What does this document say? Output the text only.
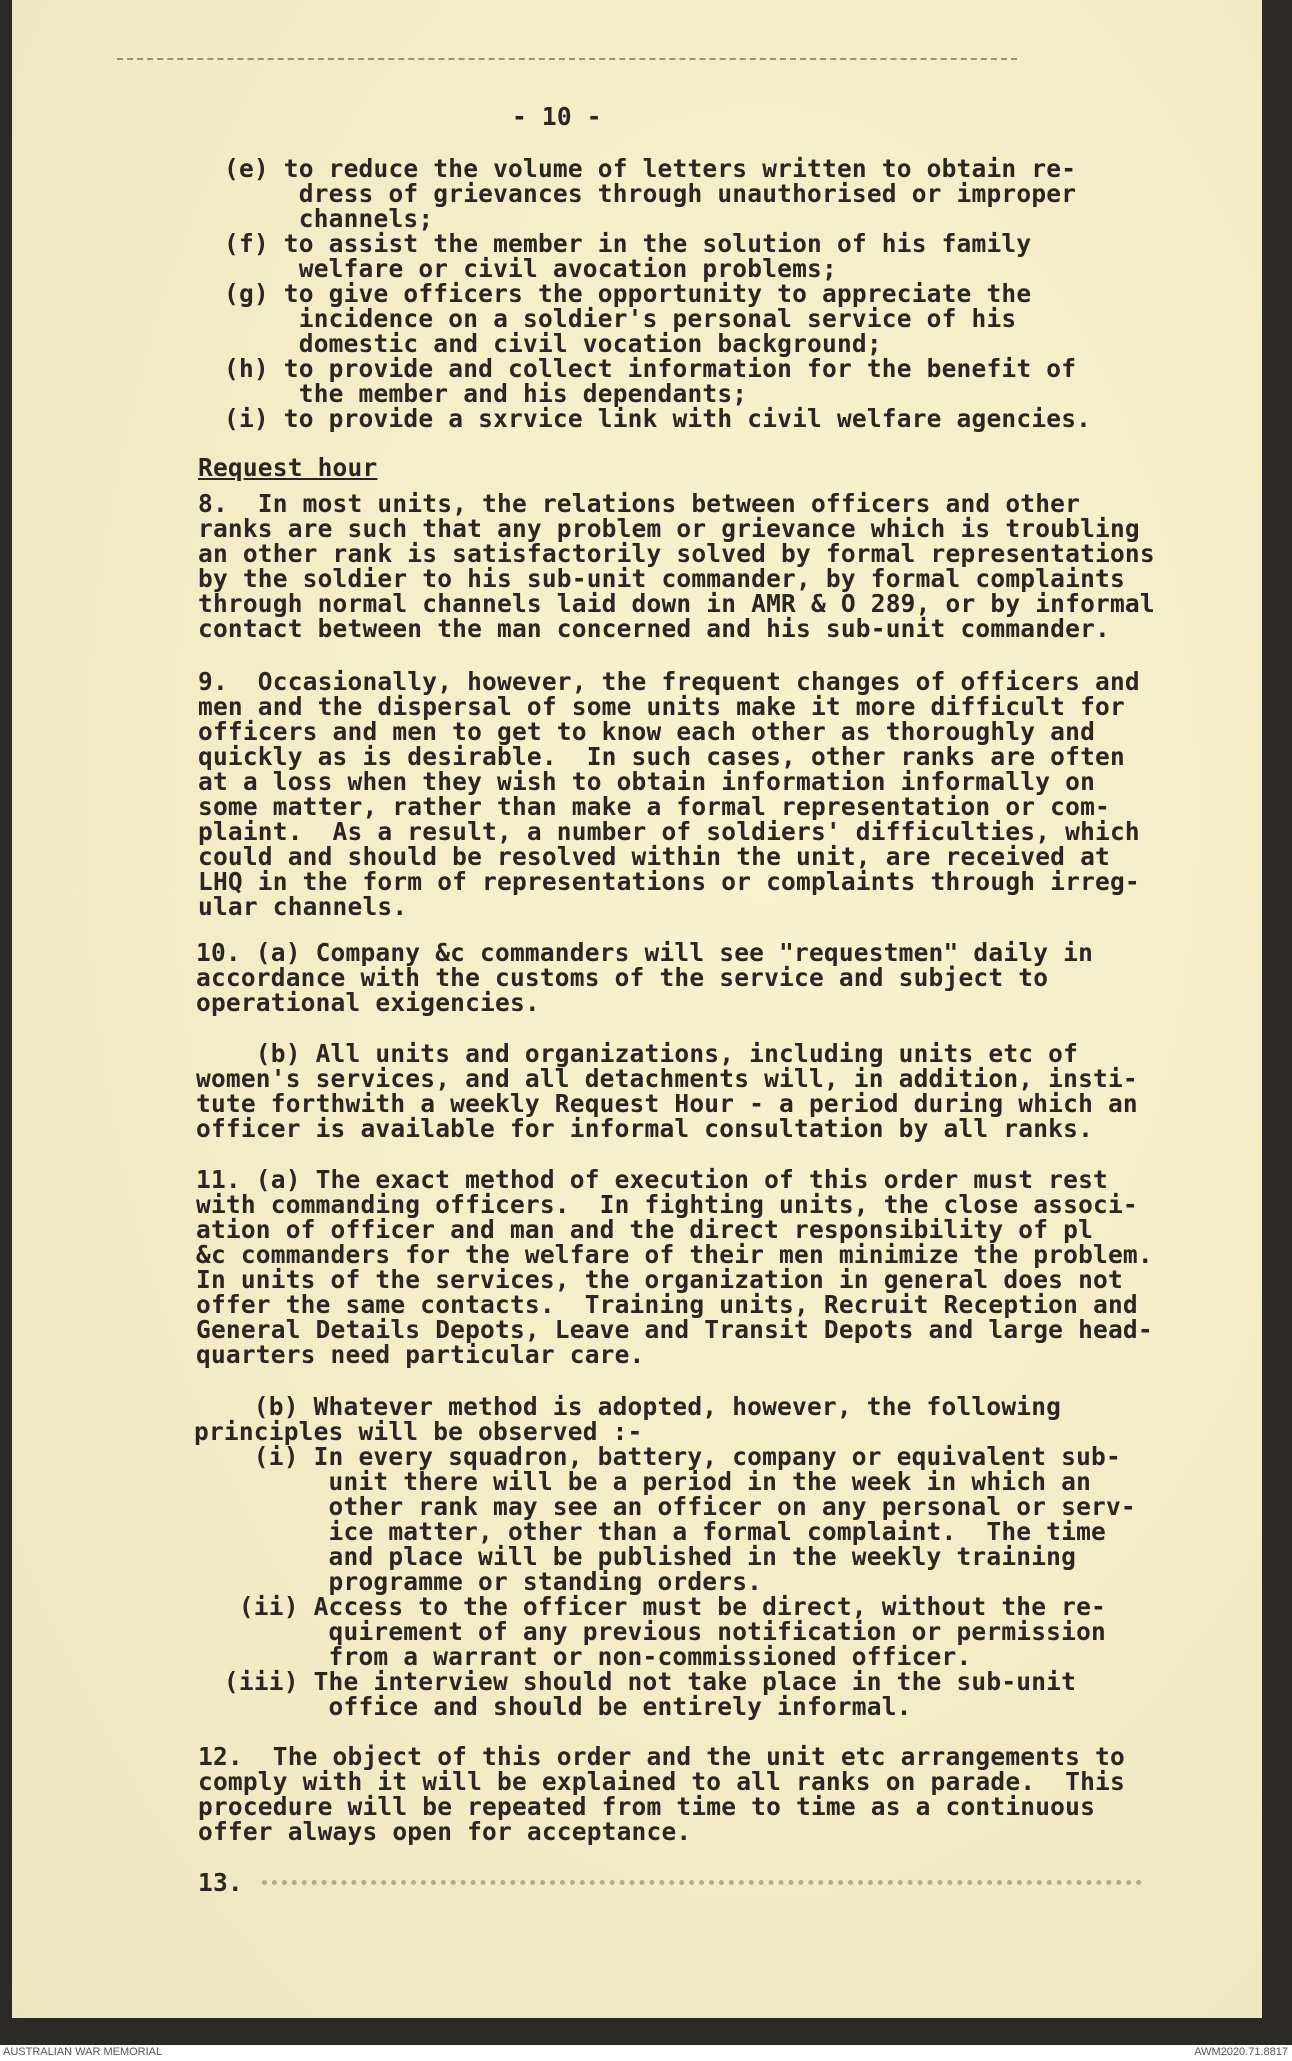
- 10 -
(e) to reduce the volume of letters written to obtain re-
dress of grievances through unauthorised or improper
channels;
(f) to assist the member in the solution of his family
welfare or civil avocation problems;
(g) to give officers the opportunity to appreciate the
incidence on a soldier's personal service of his
domestic and civil vocation background;
(h) to provide and collect information for the benefit of
the member and his dependants;
(i) to provide a sxrvice link with civil welfare agencies.
Request hour
8.  In most units, the relations between officers and other
ranks are such that any problem or grievance which is troubling
an other rank is satisfactorily solved by formal representations
by the soldier to his sub-unit commander, by formal complaints
through normal channels laid down in AMR & O 289, or by informal
contact between the man concerned and his sub-unit commander.
9.  Occasionally, however, the frequent changes of officers and
men and the dispersal of some units make it more difficult for
officers and men to get to know each other as thoroughly and
quickly as is desirable.  In such cases, other ranks are often
at a loss when they wish to obtain information informally on
some matter, rather than make a formal representation or com-
plaint.  As a result, a number of soldiers' difficulties, which
could and should be resolved within the unit, are received at
LHQ in the form of representations or complaints through irreg-
ular channels.
10. (a) Company &c commanders will see "requestmen" daily in
accordance with the customs of the service and subject to
operational exigencies.
(b) All units and organizations, including units etc of
women's services, and all detachments will, in addition, insti-
tute forthwith a weekly Request Hour - a period during which an
officer is available for informal consultation by all ranks.
11. (a) The exact method of execution of this order must rest
with commanding officers.  In fighting units, the close associ-
ation of officer and man and the direct responsibility of pl
&c commanders for the welfare of their men minimize the problem.
In units of the services, the organization in general does not
offer the same contacts.  Training units, Recruit Reception and
General Details Depots, Leave and Transit Depots and large head-
quarters need particular care.
(b) Whatever method is adopted, however, the following
principles will be observed :-
(i) In every squadron, battery, company or equivalent sub-
unit there will be a period in the week in which an
other rank may see an officer on any personal or serv-
ice matter, other than a formal complaint.  The time
and place will be published in the weekly training
programme or standing orders.
(ii) Access to the officer must be direct, without the re-
quirement of any previous notification or permission
from a warrant or non-commissioned officer.
(iii) The interview should not take place in the sub-unit
office and should be entirely informal.
12.  The object of this order and the unit etc arrangements to
comply with it will be explained to all ranks on parade.  This
procedure will be repeated from time to time as a continuous
offer always open for acceptance.
13.
AUSTRALIAN WAR MEMORIAL	AWM2020.71.8817
